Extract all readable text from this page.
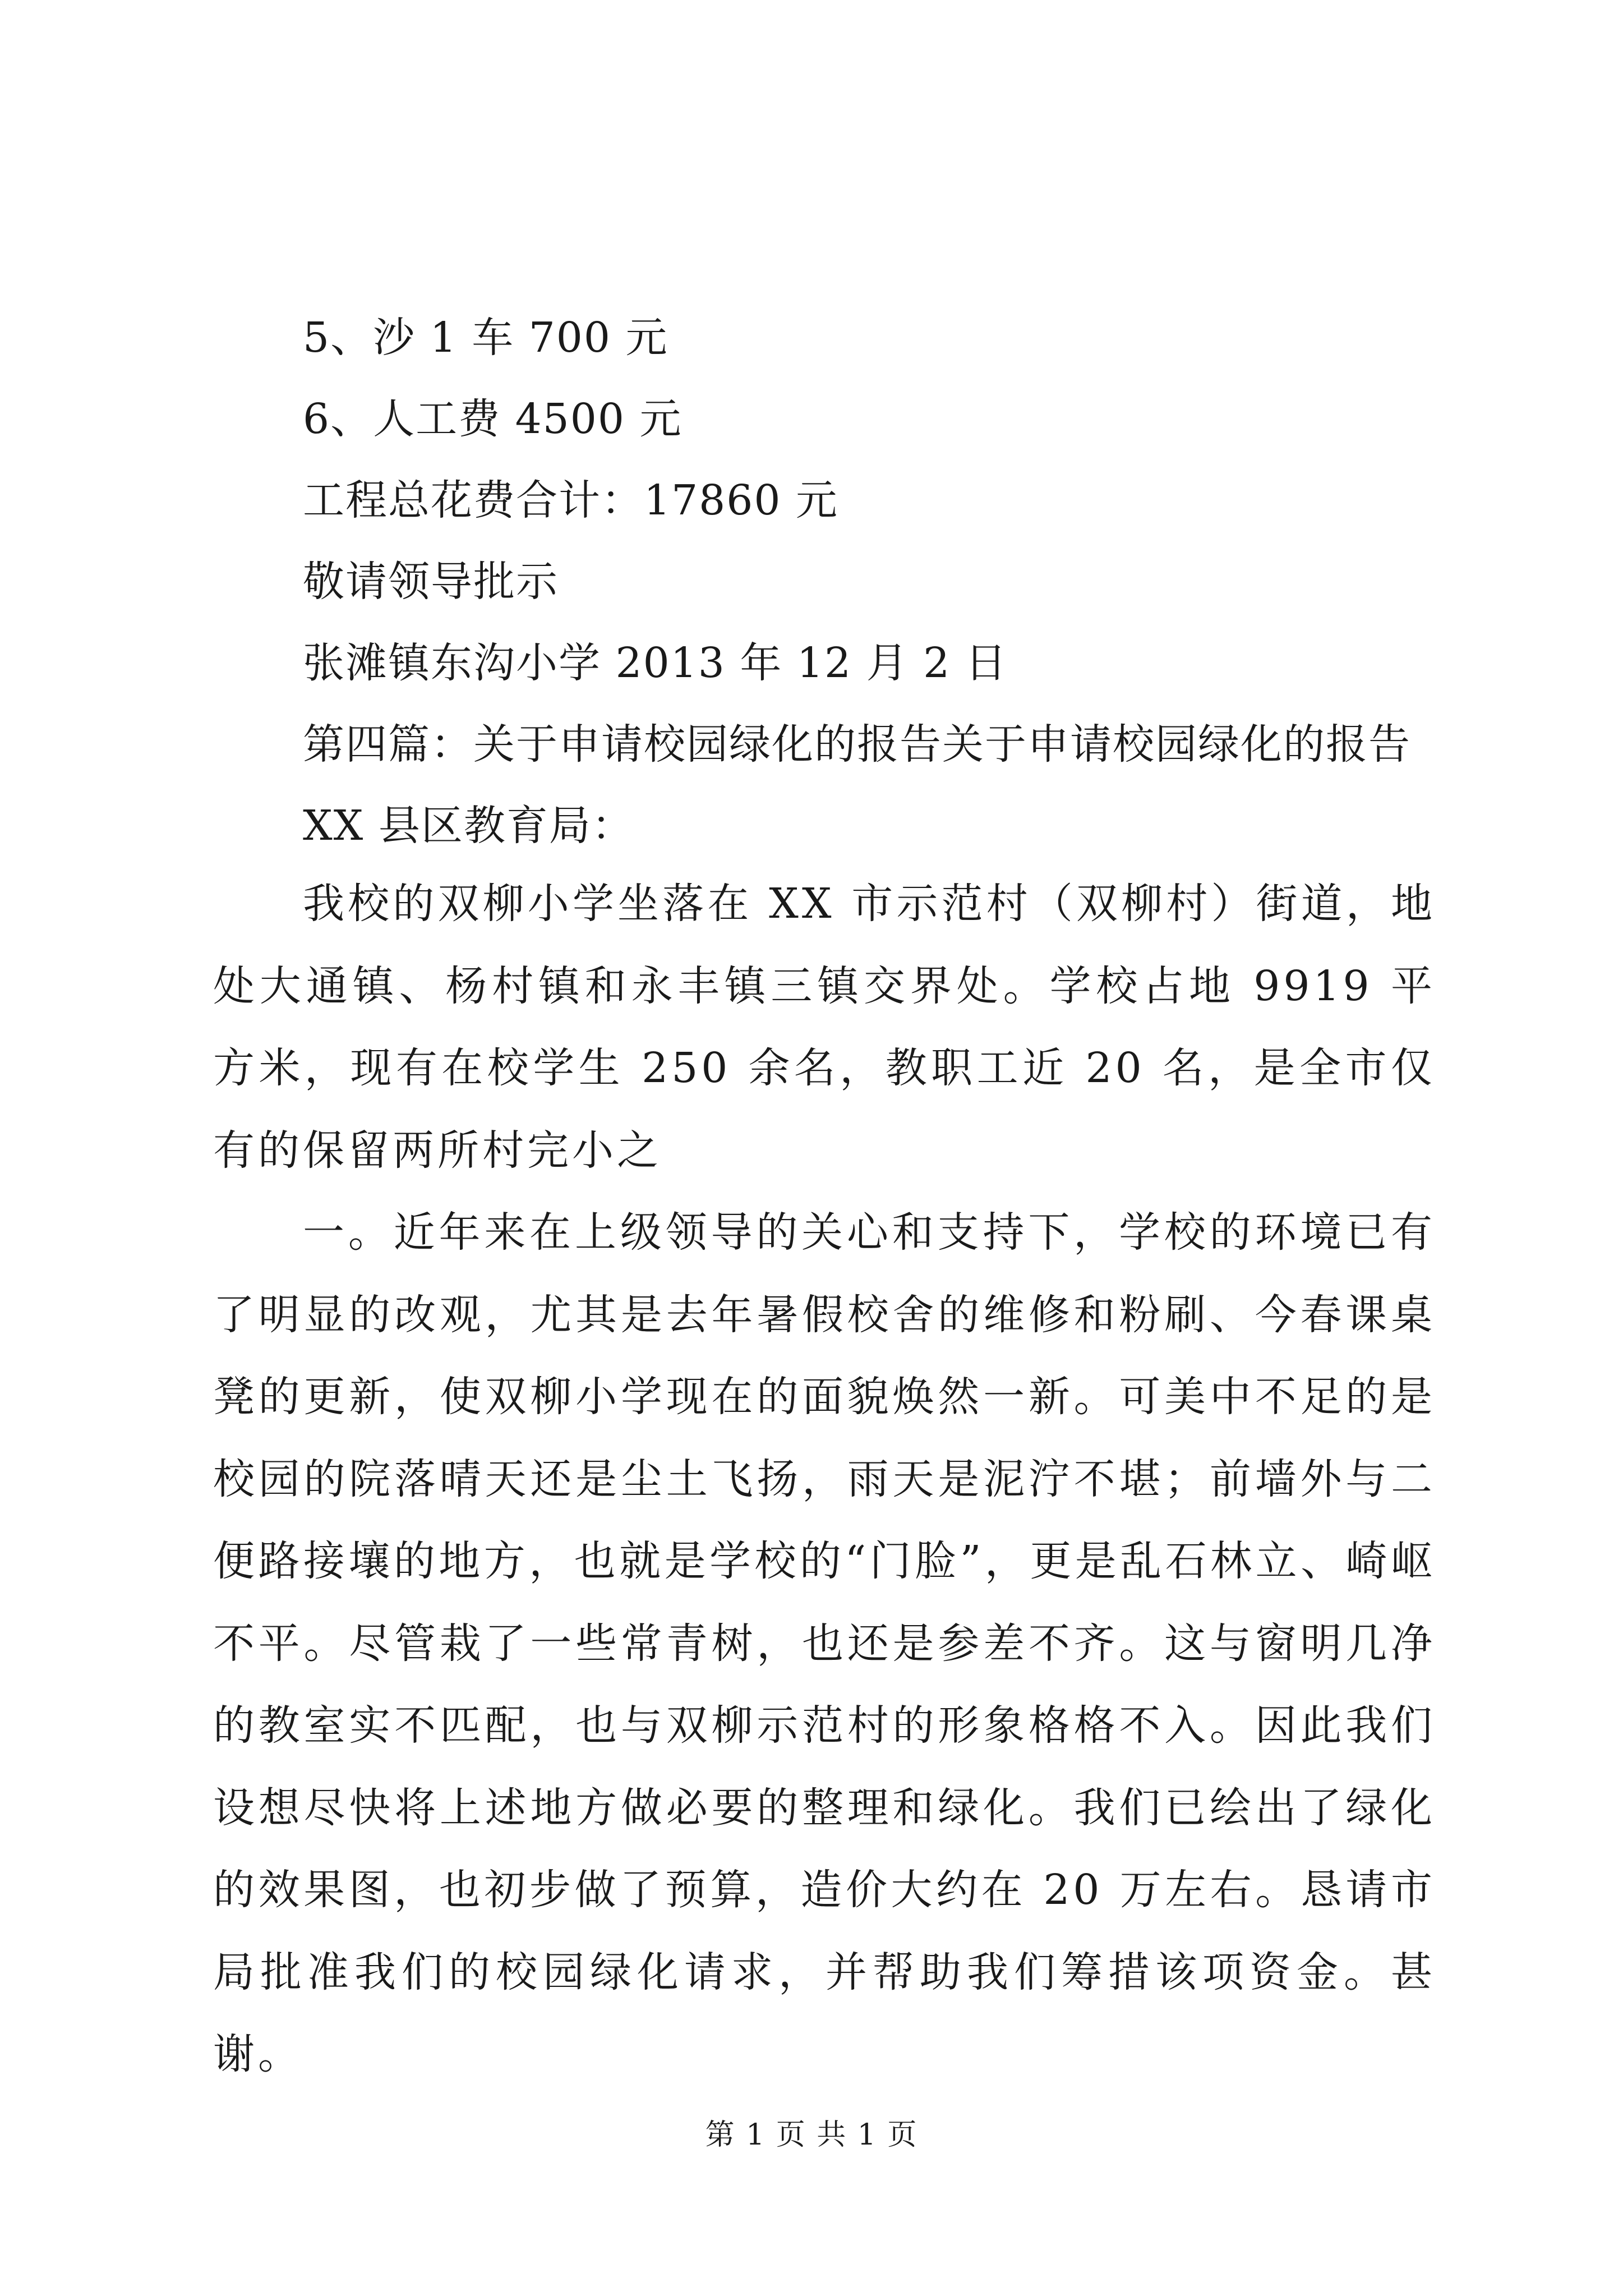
5、沙 1 车 700 元
6、人工费 4500 元
工程总花费合计：17860 元
敬请领导批示
张滩镇东沟小学 2013 年 12 月 2 日
第四篇：关于申请校园绿化的报告关于申请校园绿化的报告
XX 县区教育局：
我校的双柳小学坐落在 XX 市示范村（双柳村）街道，地处大通镇、杨村镇和永丰镇三镇交界处。学校占地 9919 平方米，现有在校学生 250 余名，教职工近 20 名，是全市仅有的保留两所村完小之
一。近年来在上级领导的关心和支持下，学校的环境已有了明显的改观，尤其是去年暑假校舍的维修和粉刷、今春课桌凳的更新，使双柳小学现在的面貌焕然一新。可美中不足的是校园的院落晴天还是尘土飞扬，雨天是泥泞不堪；前墙外与二便路接壤的地方，也就是学校的“门脸”，更是乱石林立、崎岖不平。尽管栽了一些常青树，也还是参差不齐。这与窗明几净的教室实不匹配，也与双柳示范村的形象格格不入。因此我们设想尽快将上述地方做必要的整理和绿化。我们已绘出了绿化的效果图，也初步做了预算，造价大约在 20 万左右。恳请市局批准我们的校园绿化请求，并帮助我们筹措该项资金。甚谢。
第 1 页 共 1 页
